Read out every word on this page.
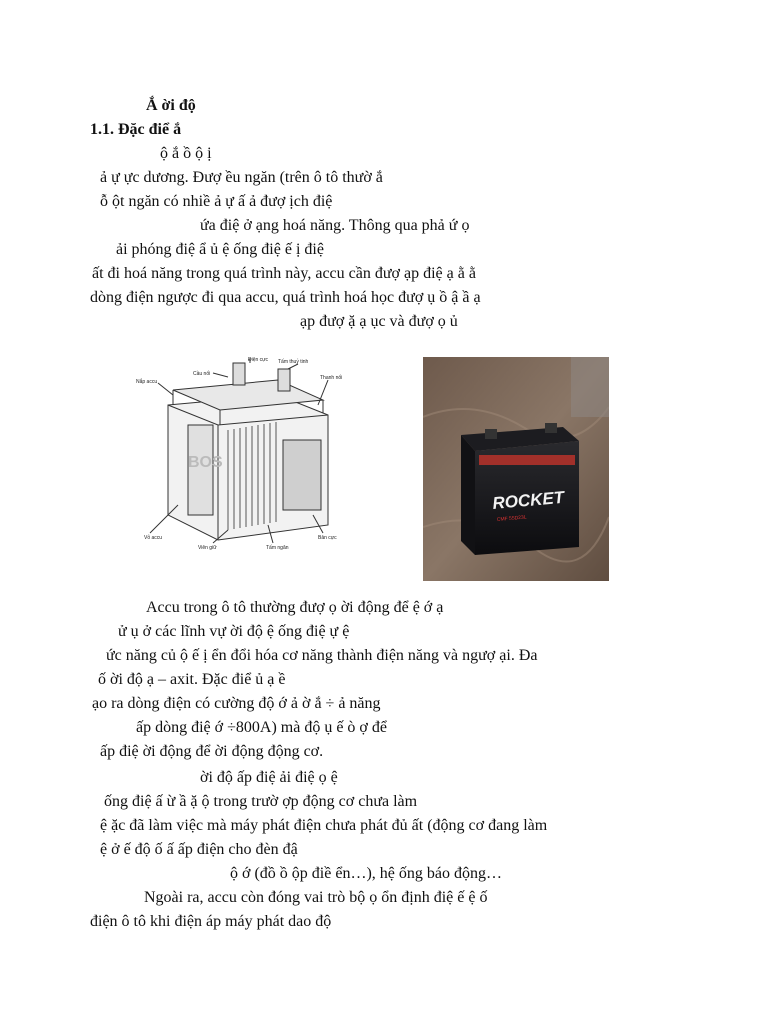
Ắ ời độ
1.1. Đặc điể ắ
ộ ắ ồ ộ ị
ả ự ực dương. Đượ ều ngăn (trên ô tô thườ ắ
ỗ ột ngăn có nhiề ả ự ấ ả đượ ịch điệ
ứa điệ ở ạng hoá năng. Thông qua phả ứ ọ
ải phóng điệ ẩ ủ ệ ống điệ ế ị điệ
ất đi hoá năng trong quá trình này, accu cần đượ ạp điệ ạ ằ ằ
dòng điện ngược đi qua accu, quá trình hoá học đượ ụ ồ ậ ầ ạ
ạp đượ ặ ạ ục và đượ ọ ủ
BOS
Điện cực Tấm thuỷ tinh
Cầu nối
Thanh nối
Nắp accu
Vỏ accu
Viên giữ	Tấm ngăn
Bản cực
ROCKET
CMF 55D23L
Accu trong ô tô thường đượ ọ ời động để ệ ớ ạ
ử ụ ở các lĩnh vự ời độ ệ ống điệ ự ệ
ức năng củ ộ ế ị ển đổi hóa cơ năng thành điện năng và ngượ ại. Đa
ố ời độ ạ – axit. Đặc điể ủ ạ ề
ạo ra dòng điện có cường độ ớ ả ờ ắ ÷ ả năng
ấp dòng điệ ớ ÷800A) mà độ ụ ế ò ợ để
ấp điệ ời động để ời động động cơ.
ời độ ấp điệ ải điệ ọ ệ
ống điệ ấ ừ ầ ặ ộ trong trườ ợp động cơ chưa làm
ệ ặc đã làm việc mà máy phát điện chưa phát đủ ất (động cơ đang làm
ệ ở ế độ ố ấ ấp điện cho đèn đậ
ộ ớ (đồ ồ ộp điề ển…), hệ ống báo động…
Ngoài ra, accu còn đóng vai trò bộ ọ ổn định điệ ế ệ ố
điện ô tô khi điện áp máy phát dao độ
